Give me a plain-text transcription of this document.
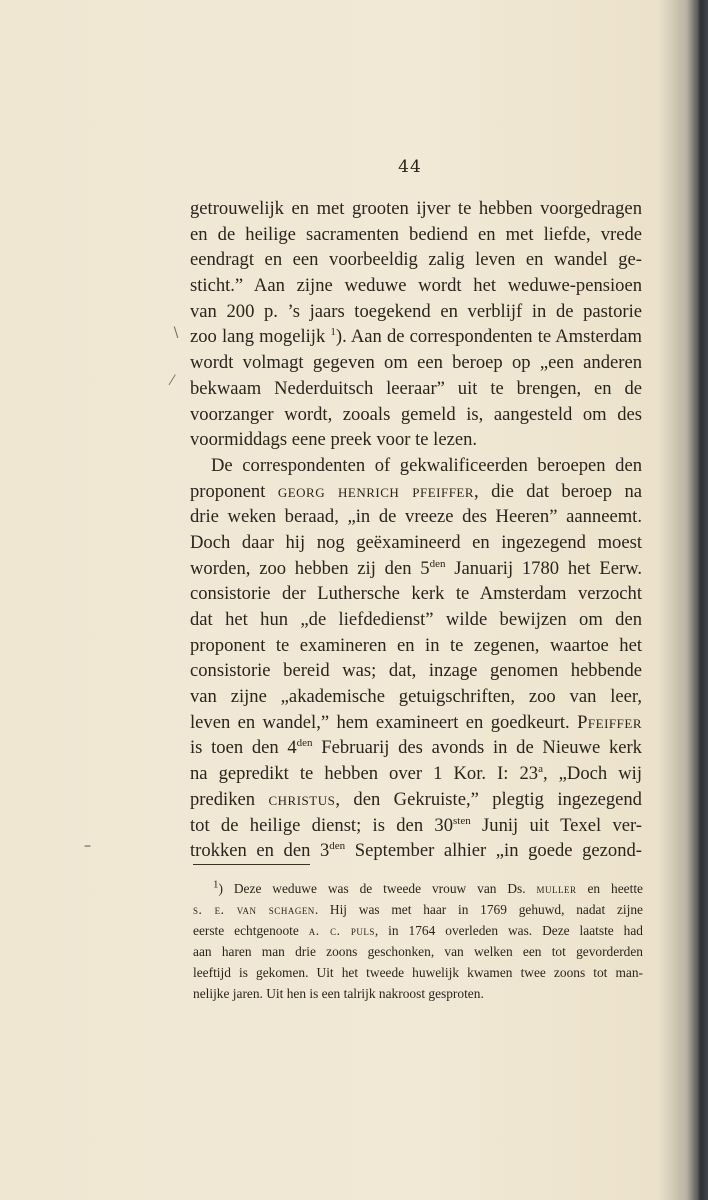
44
getrouwelijk en met grooten ijver te hebben voorgedragen
en de heilige sacramenten bediend en met liefde, vrede
eendragt en een voorbeeldig zalig leven en wandel ge-
sticht.” Aan zijne weduwe wordt het weduwe-pensioen
van 200 p. ’s jaars toegekend en verblijf in de pastorie
zoo lang mogelijk $^1$). Aan de correspondenten te Amsterdam
wordt volmagt gegeven om een beroep op „een anderen
bekwaam Nederduitsch leeraar” uit te brengen, en de
voorzanger wordt, zooals gemeld is, aangesteld om des
voormiddags eene preek voor te lezen.
De correspondenten of gekwalificeerden beroepen den
proponent georg henrich pfeiffer, die dat beroep na
drie weken beraad, „in de vreeze des Heeren” aanneemt.
Doch daar hij nog geëxamineerd en ingezegend moest
worden, zoo hebben zij den $5^{den}$ Januarij 1780 het Eerw.
consistorie der Luthersche kerk te Amsterdam verzocht
dat het hun „de liefdedienst” wilde bewijzen om den
proponent te examineren en in te zegenen, waartoe het
consistorie bereid was; dat, inzage genomen hebbende
van zijne „akademische getuigschriften, zoo van leer,
leven en wandel,” hem examineert en goedkeurt. Pfeiffer
is toen den $4^{den}$ Februarij des avonds in de Nieuwe kerk
na gepredikt te hebben over 1 Kor. I: 23$^a$, „Doch wij
prediken christus, den Gekruiste,” plegtig ingezegend
tot de heilige dienst; is den $30^{sten}$ Junij uit Texel ver-
trokken en den $3^{den}$ September alhier „in goede gezond-
$^1$) Deze weduwe was de tweede vrouw van Ds. muller en heette
s. e. van schagen. Hij was met haar in 1769 gehuwd, nadat zijne
eerste echtgenoote a. c. puls, in 1764 overleden was. Deze laatste had
aan haren man drie zoons geschonken, van welken een tot gevorderden
leeftijd is gekomen. Uit het tweede huwelijk kwamen twee zoons tot man-
nelijke jaren. Uit hen is een talrijk nakroost gesproten.
∖
⁄
–
